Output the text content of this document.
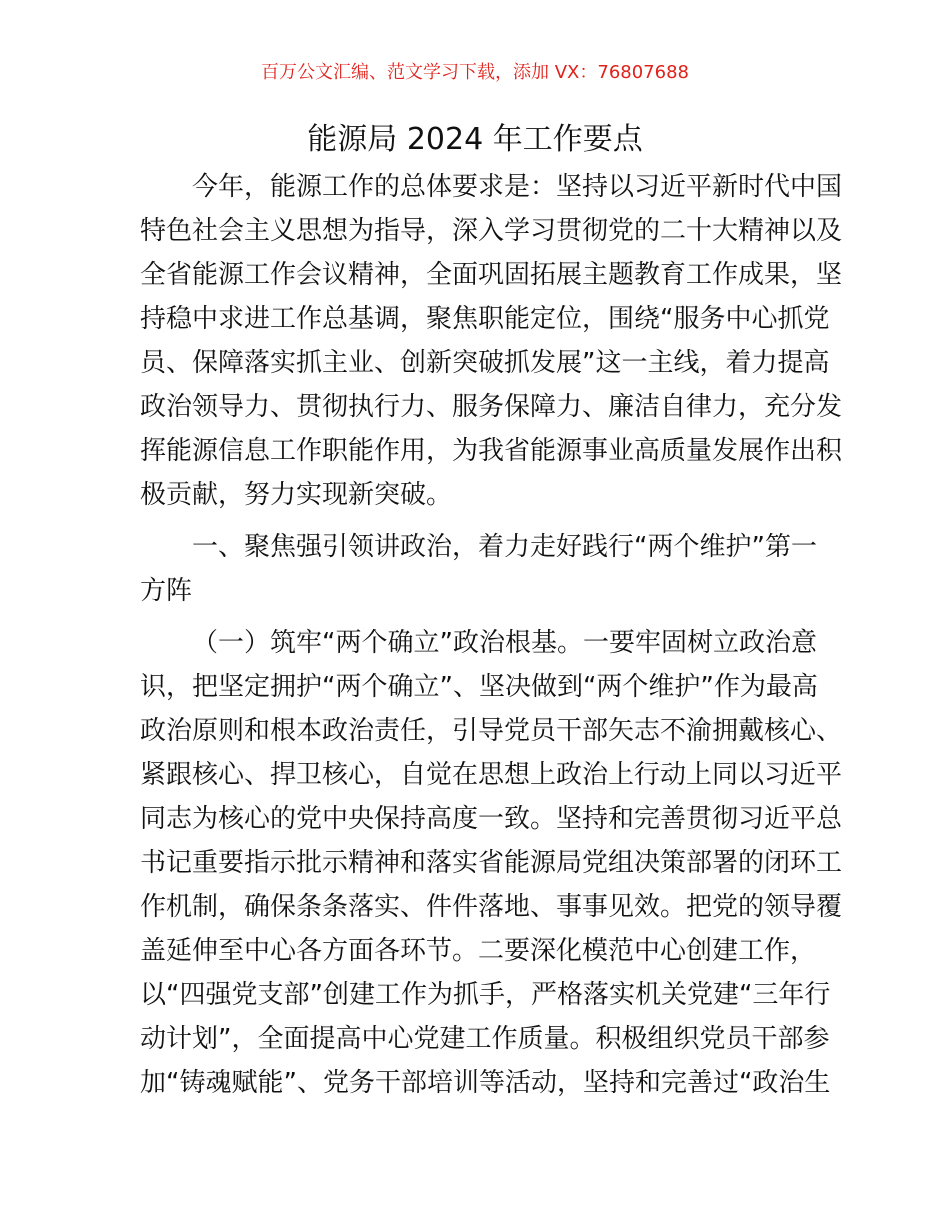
百万公文汇编、范文学习下载，添加 VX：76807688
能源局 2024 年工作要点
今年，能源工作的总体要求是：坚持以习近平新时代中国
特色社会主义思想为指导，深入学习贯彻党的二十大精神以及
全省能源工作会议精神，全面巩固拓展主题教育工作成果，坚
持稳中求进工作总基调，聚焦职能定位，围绕“服务中心抓党
员、保障落实抓主业、创新突破抓发展”这一主线，着力提高
政治领导力、贯彻执行力、服务保障力、廉洁自律力，充分发
挥能源信息工作职能作用，为我省能源事业高质量发展作出积
极贡献，努力实现新突破。
一、聚焦强引领讲政治，着力走好践行“两个维护”第一
方阵
（一）筑牢“两个确立”政治根基。一要牢固树立政治意
识，把坚定拥护“两个确立”、坚决做到“两个维护”作为最高
政治原则和根本政治责任，引导党员干部矢志不渝拥戴核心、
紧跟核心、捍卫核心，自觉在思想上政治上行动上同以习近平
同志为核心的党中央保持高度一致。坚持和完善贯彻习近平总
书记重要指示批示精神和落实省能源局党组决策部署的闭环工
作机制，确保条条落实、件件落地、事事见效。把党的领导覆
盖延伸至中心各方面各环节。二要深化模范中心创建工作，
以“四强党支部”创建工作为抓手，严格落实机关党建“三年行
动计划”，全面提高中心党建工作质量。积极组织党员干部参
加“铸魂赋能”、党务干部培训等活动，坚持和完善过“政治生
